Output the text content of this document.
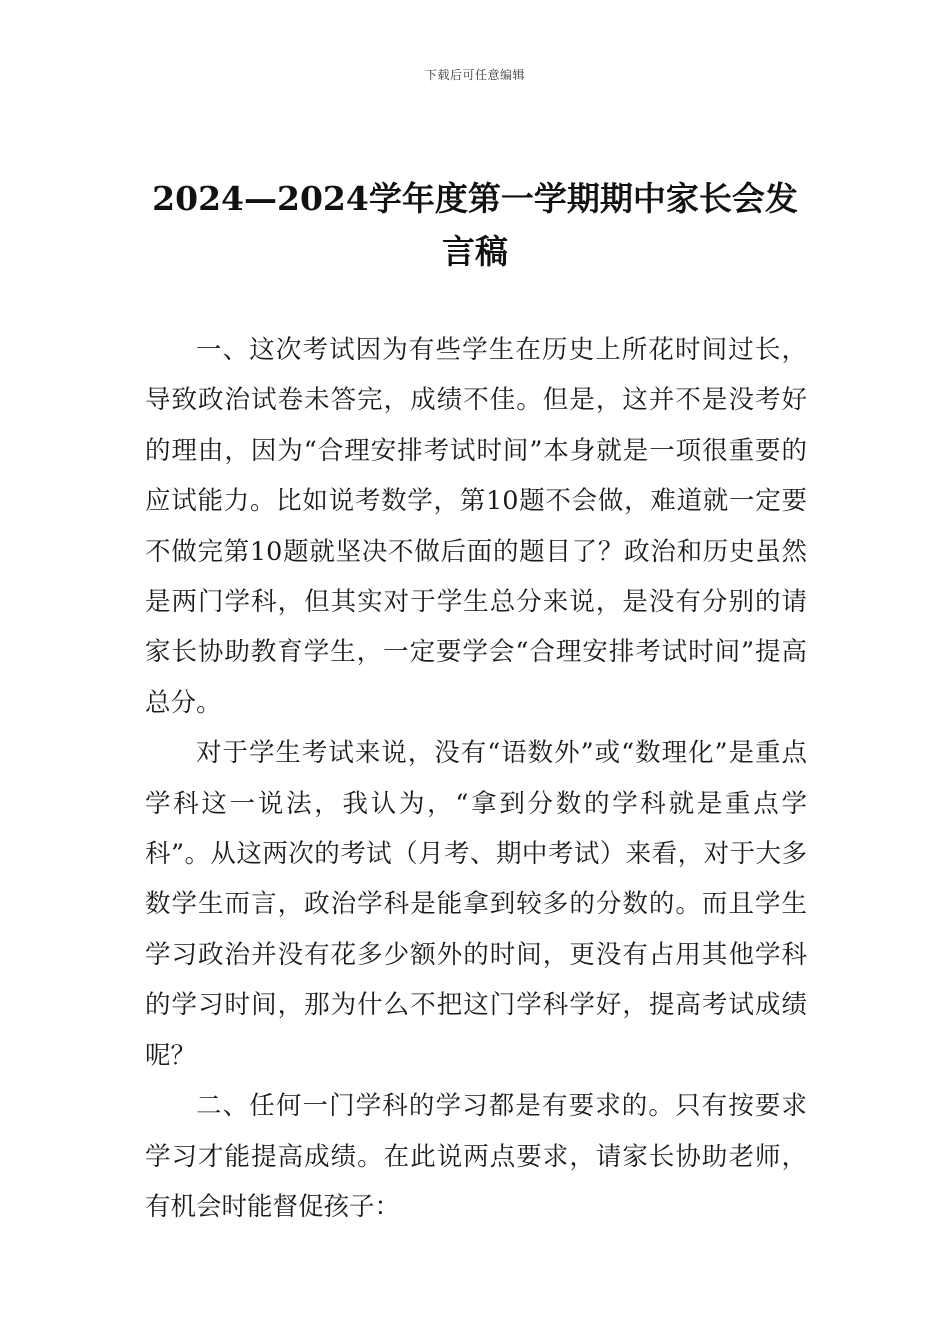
下载后可任意编辑
2024—2024学年度第一学期期中家长会发言稿

一、这次考试因为有些学生在历史上所花时间过长，导致政治试卷未答完，成绩不佳。但是，这并不是没考好的理由，因为“合理安排考试时间”本身就是一项很重要的应试能力。比如说考数学，第10题不会做，难道就一定要不做完第10题就坚决不做后面的题目了？政治和历史虽然是两门学科，但其实对于学生总分来说，是没有分别的请家长协助教育学生，一定要学会“合理安排考试时间”提高总分。

对于学生考试来说，没有“语数外”或“数理化”是重点学科这一说法，我认为，“拿到分数的学科就是重点学科”。从这两次的考试（月考、期中考试）来看，对于大多数学生而言，政治学科是能拿到较多的分数的。而且学生学习政治并没有花多少额外的时间，更没有占用其他学科的学习时间，那为什么不把这门学科学好，提高考试成绩呢？

二、任何一门学科的学习都是有要求的。只有按要求学习才能提高成绩。在此说两点要求，请家长协助老师，有机会时能督促孩子：
